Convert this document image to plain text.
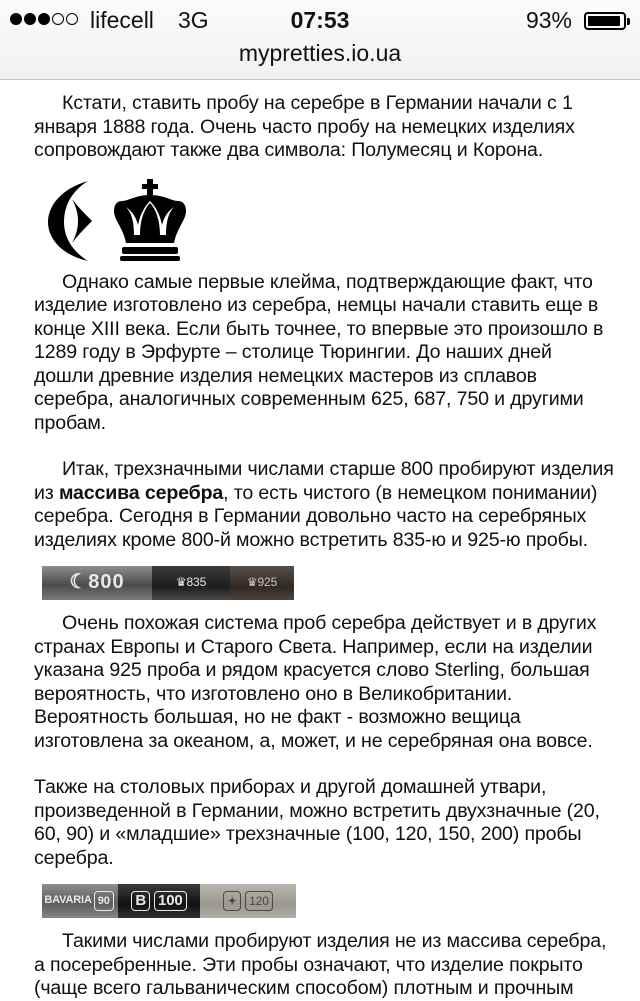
lifecell 3G	07:53	93%
mypretties.io.ua

Кстати, ставить пробу на серебре в Германии начали с 1 января 1888 года. Очень часто пробу на немецких изделиях сопровождают также два символа: Полумесяц и Корона.

Однако самые первые клейма, подтверждающие факт, что изделие изготовлено из серебра, немцы начали ставить еще в конце XIII века. Если быть точнее, то впервые это произошло в 1289 году в Эрфурте – столице Тюрингии. До наших дней дошли древние изделия немецких мастеров из сплавов серебра, аналогичных современным 625, 687, 750 и другими пробам.

Итак, трехзначными числами старше 800 пробируют изделия из массива серебра, то есть чистого (в немецком понимании) серебра. Сегодня в Германии довольно часто на серебряных изделиях кроме 800-й можно встретить 835-ю и 925-ю пробы.

☾ 800	♛ 835	♛ 925

Очень похожая система проб серебра действует и в других странах Европы и Старого Света. Например, если на изделии указана 925 проба и рядом красуется слово Sterling, большая вероятность, что изготовлено оно в Великобритании. Вероятность большая, но не факт - возможно вещица изготовлена за океаном, а, может, и не серебряная она вовсе.

Также на столовых приборах и другой домашней утвари, произведенной в Германии, можно встретить двухзначные (20, 60, 90) и «младшие» трехзначные (100, 120, 150, 200) пробы серебра.

BAVARIA 90 B 100	✦	120

Такими числами пробируют изделия не из массива серебра, а посеребренные. Эти пробы означают, что изделие покрыто (чаще всего гальваническим способом) плотным и прочным
